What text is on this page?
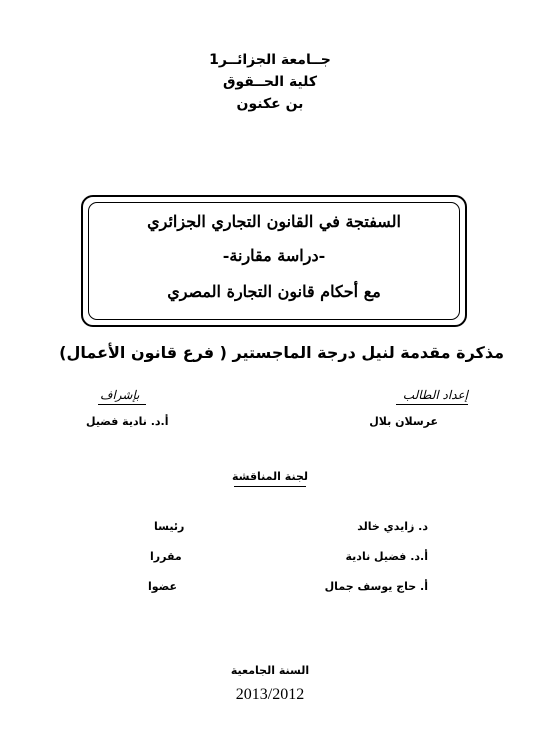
جــامعة الجزائــر1
كلية الحــقوق
بن عكنون
السفتجة في القانون التجاري الجزائري
-دراسة مقارنة-
مع أحكام قانون التجارة المصري
مذكرة مقدمة لنيل درجة الماجستير ( فرع قانون الأعمال)
إعداد الطالب
عرسلان بلال
بإشراف
أ.د. نادية فضيل
لجنة المناقشة
د. زايدي خالد
رئيسا
أ.د. فضيل نادية
مقررا
أ. حاج يوسف جمال
عضوا
السنة الجامعية
2013/2012
